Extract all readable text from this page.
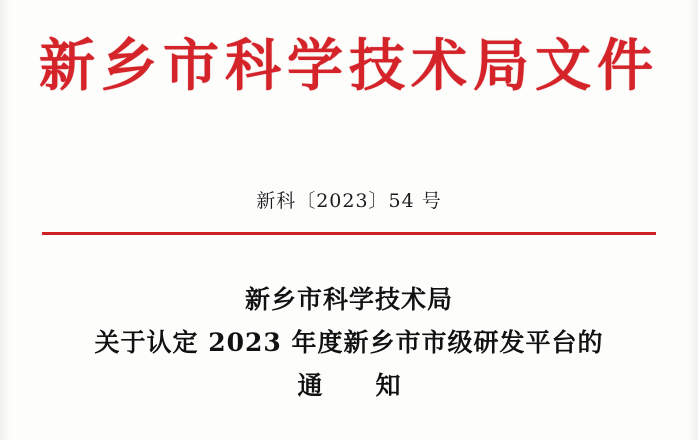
新乡市科学技术局文件
新科〔2023〕54 号
新乡市科学技术局
关于认定 2023 年度新乡市市级研发平台的
通　知
